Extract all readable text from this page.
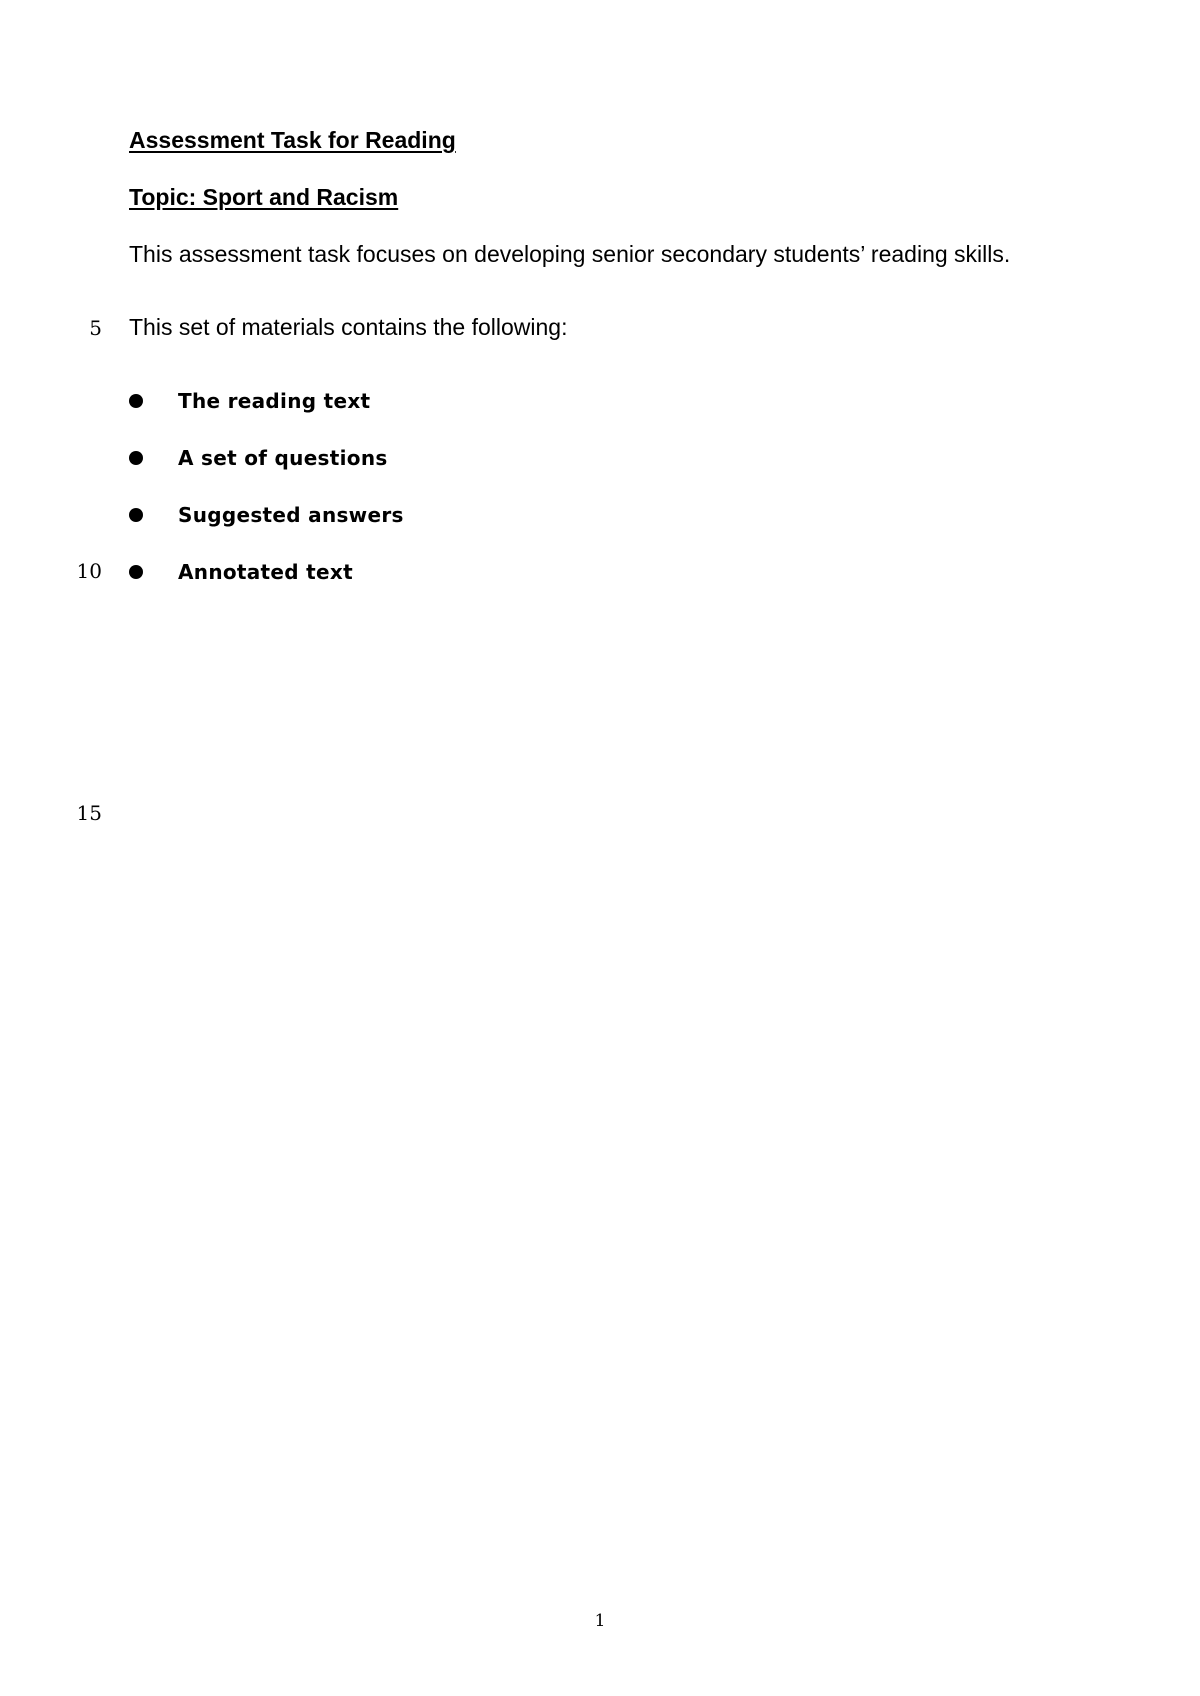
Assessment Task for Reading
Topic: Sport and Racism
This assessment task focuses on developing senior secondary students’ reading skills.
5 This set of materials contains the following:
The reading text
A set of questions
Suggested answers
10	Annotated text
15
1
